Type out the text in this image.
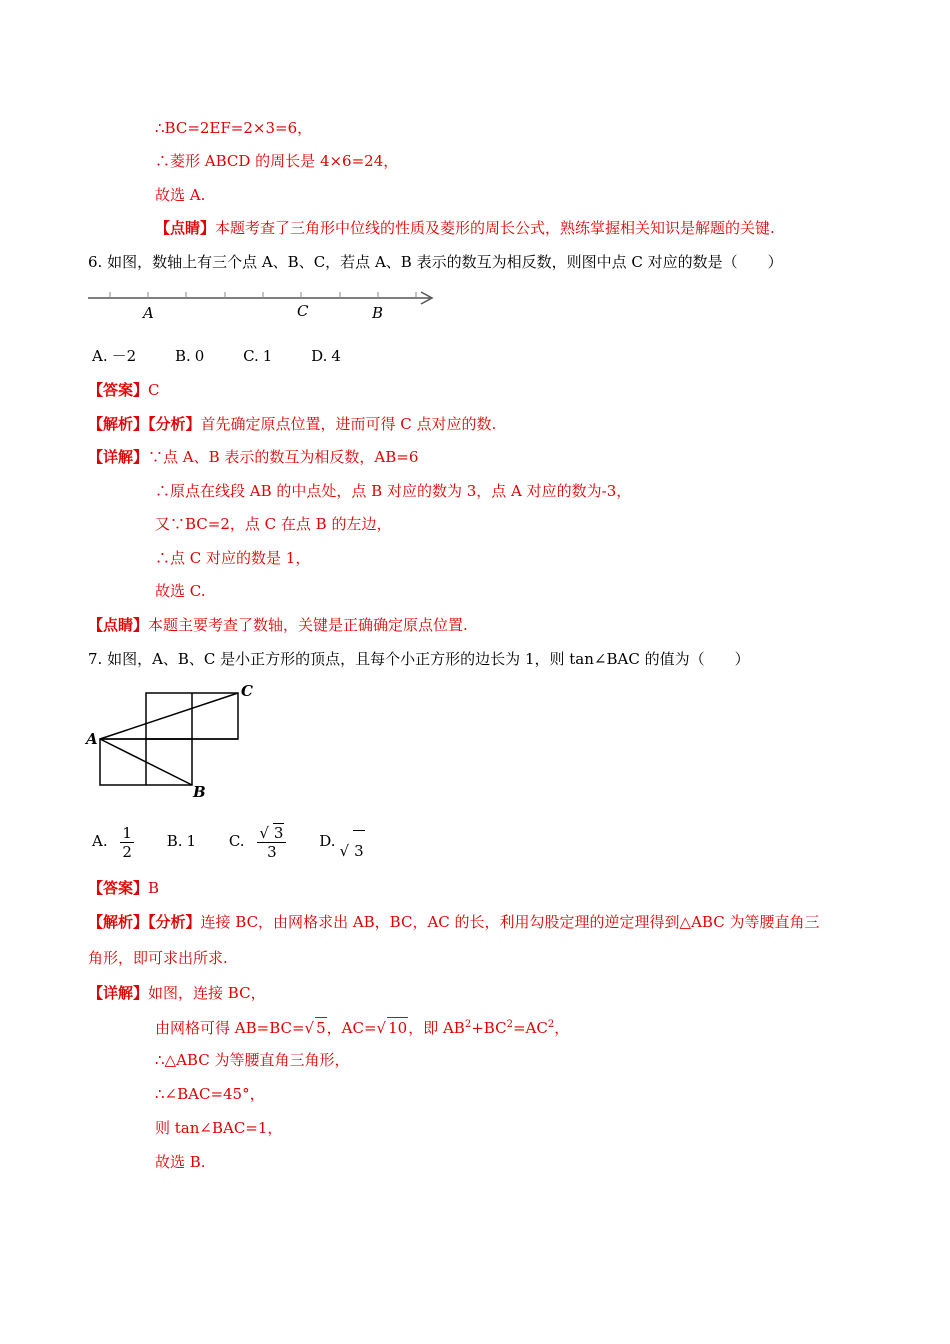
∴BC=2EF=2×3=6，
∴菱形 ABCD 的周长是 4×6=24，
故选 A.
【点睛】本题考查了三角形中位线的性质及菱形的周长公式，熟练掌握相关知识是解题的关键.
6. 如图，数轴上有三个点 A、B、C，若点 A、B 表示的数互为相反数，则图中点 C 对应的数是（　　）
A	C	B
A. －2	B. 0	C. 1	D. 4
【答案】C
【解析】【分析】首先确定原点位置，进而可得 C 点对应的数.
【详解】∵点 A、B 表示的数互为相反数，AB=6
∴原点在线段 AB 的中点处，点 B 对应的数为 3，点 A 对应的数为-3，
又∵BC=2，点 C 在点 B 的左边，
∴点 C 对应的数是 1，
故选 C.
【点睛】本题主要考查了数轴，关键是正确确定原点位置.
7. 如图，A、B、C 是小正方形的顶点，且每个小正方形的边长为 1，则 tan∠BAC 的值为（　　）
A
B
C
A. $\frac{1}{2} B$. 1 C. $\frac{√ 3}{3} D.√$ 3
【答案】B
【解析】【分析】连接 BC，由网格求出 AB，BC，AC 的长，利用勾股定理的逆定理得到△ABC 为等腰直角三
角形，即可求出所求.
【详解】如图，连接 BC，
由网格可得 AB=BC=√ 5，AC=√ 10，即 $AB^2+BC^2=AC^2$，
∴△ABC 为等腰直角三角形，
∴∠BAC=45°，
则 tan∠BAC=1，
故选 B.
